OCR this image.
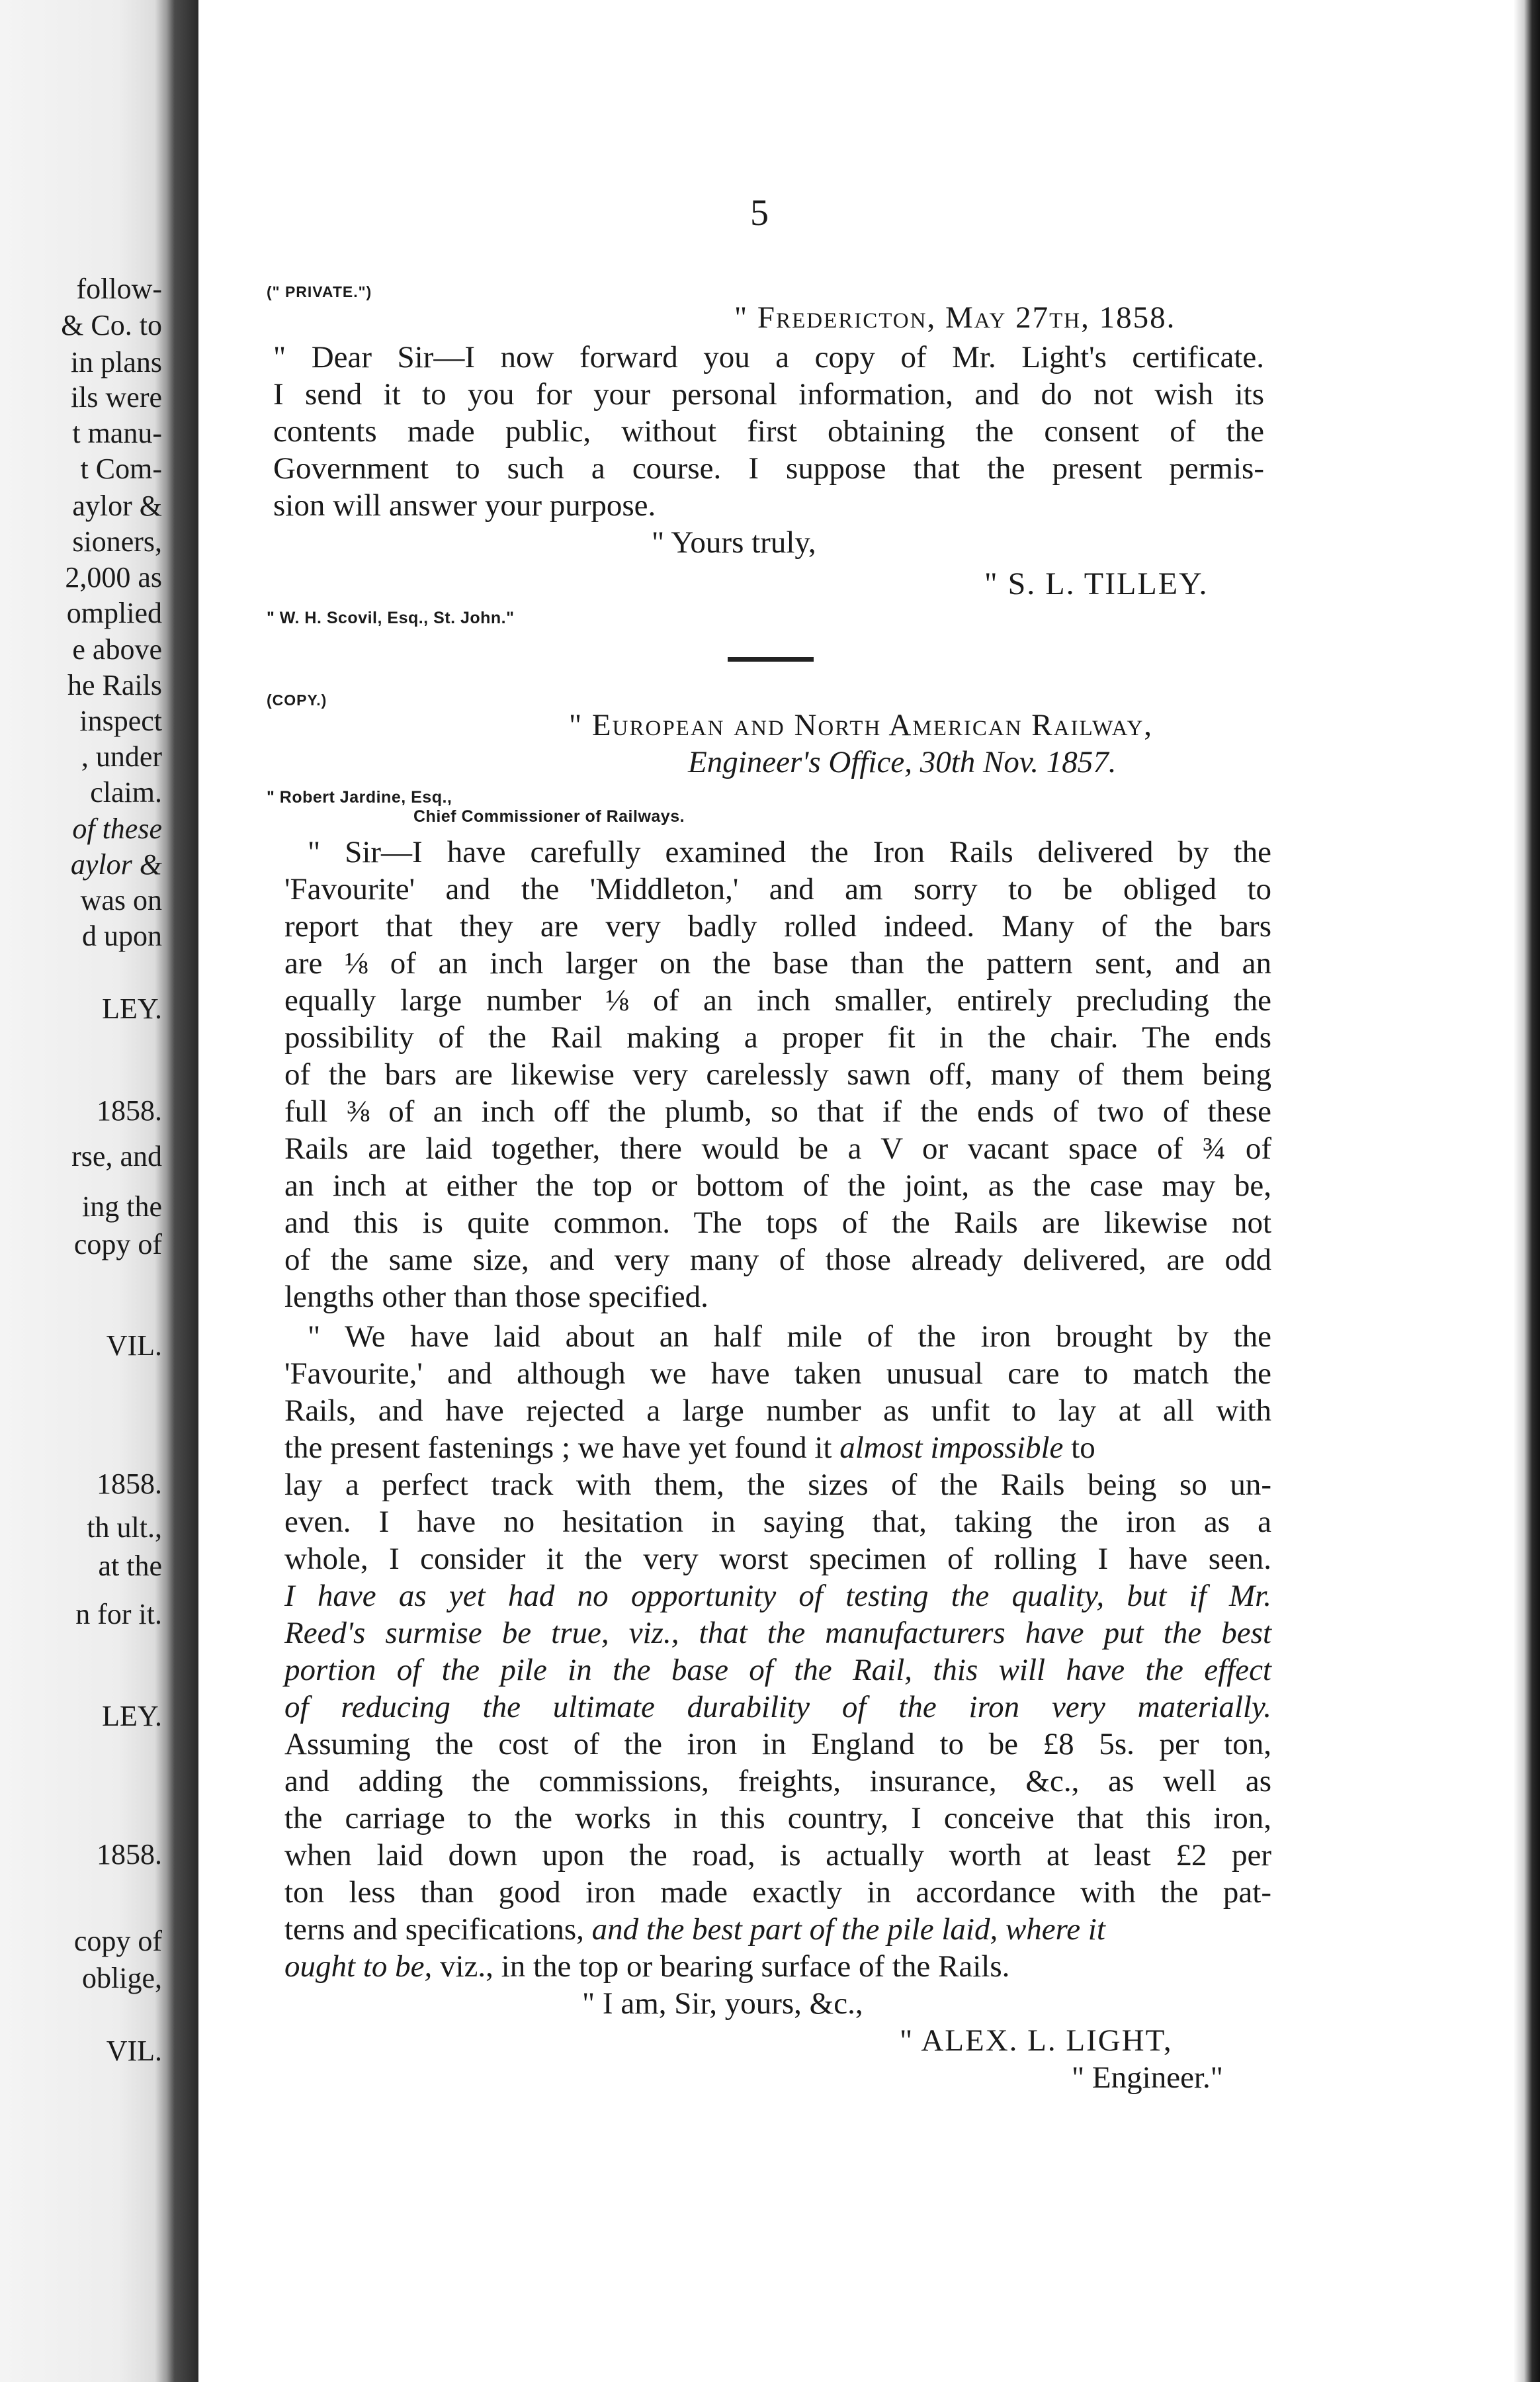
follow-

& Co. to

in plans

ils were

t manu-

t Com-

aylor &

sioners,

2,000 as

omplied

e above

he Rails

inspect

, under

claim.

of these

aylor &

was on

d upon

LEY.

1858.

rse, and

ing the

copy of

VIL.

1858.

th ult.,

at the

n for it.

LEY.

1858.

copy of

oblige,

VIL.

5
(" PRIVATE.")

" Fredericton, May 27th, 1858.

" Dear Sir—I now forward you a copy of Mr. Light's certificate.

I send it to you for your personal information, and do not wish its

contents made public, without first obtaining the consent of the

Government to such a course. I suppose that the present permis-

sion will answer your purpose.

" Yours truly,

" S. L. TILLEY.

" W. H. Scovil, Esq., St. John."
(COPY.)

" European and North American Railway,

Engineer's Office, 30th Nov. 1857.

" Robert Jardine, Esq.,
Chief Commissioner of Railways.

" Sir—I have carefully examined the Iron Rails delivered by the

'Favourite' and the 'Middleton,' and am sorry to be obliged to

report that they are very badly rolled indeed. Many of the bars

are ⅛ of an inch larger on the base than the pattern sent, and an

equally large number ⅛ of an inch smaller, entirely precluding the

possibility of the Rail making a proper fit in the chair. The ends

of the bars are likewise very carelessly sawn off, many of them being

full ⅜ of an inch off the plumb, so that if the ends of two of these

Rails are laid together, there would be a V or vacant space of ¾ of

an inch at either the top or bottom of the joint, as the case may be,

and this is quite common. The tops of the Rails are likewise not

of the same size, and very many of those already delivered, are odd

lengths other than those specified.

" We have laid about an half mile of the iron brought by the

'Favourite,' and although we have taken unusual care to match the

Rails, and have rejected a large number as unfit to lay at all with

the present fastenings ; we have yet found it almost impossible to

lay a perfect track with them, the sizes of the Rails being so un-

even. I have no hesitation in saying that, taking the iron as a

whole, I consider it the very worst specimen of rolling I have seen.

I have as yet had no opportunity of testing the quality, but if Mr.

Reed's surmise be true, viz., that the manufacturers have put the best

portion of the pile in the base of the Rail, this will have the effect

of reducing the ultimate durability of the iron very materially.

Assuming the cost of the iron in England to be £8 5s. per ton,

and adding the commissions, freights, insurance, &c., as well as

the carriage to the works in this country, I conceive that this iron,

when laid down upon the road, is actually worth at least £2 per

ton less than good iron made exactly in accordance with the pat-

terns and specifications, and the best part of the pile laid, where it

ought to be, viz., in the top or bearing surface of the Rails.

" I am, Sir, yours, &c.,

" ALEX. L. LIGHT,

" Engineer."
